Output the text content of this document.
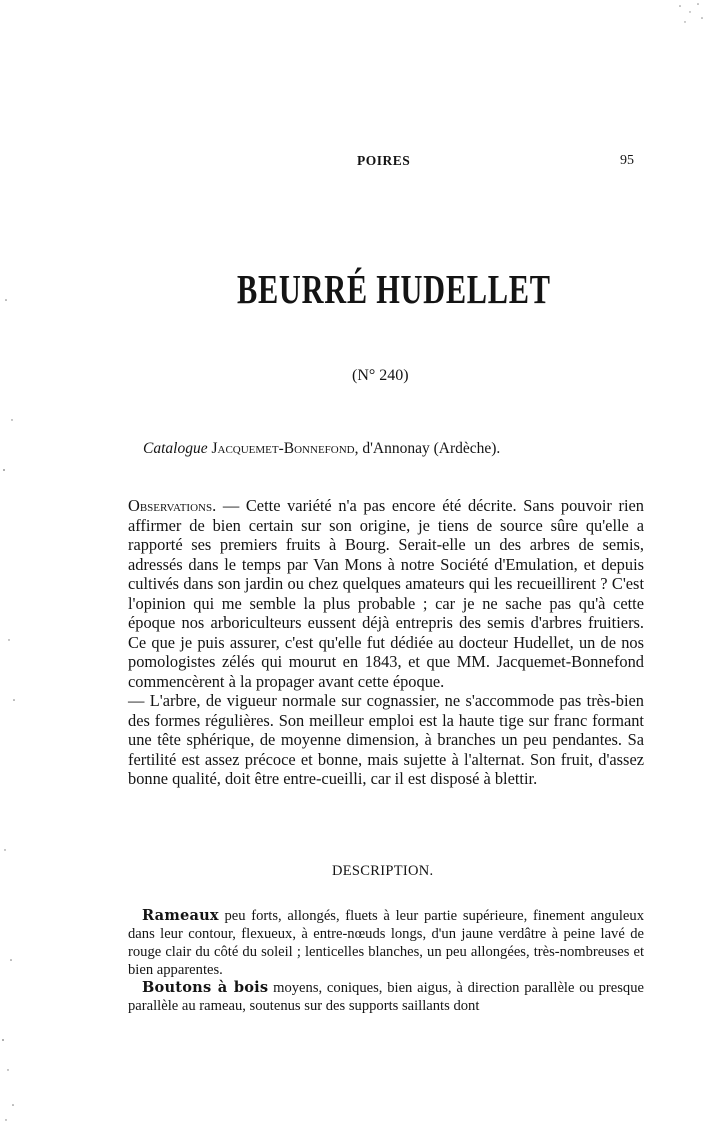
POIRES	95
BEURRÉ HUDELLET
(N° 240)
Catalogue Jacquemet-Bonnefond, d'Annonay (Ardèche).

Observations. — Cette variété n'a pas encore été décrite. Sans pouvoir rien affirmer de bien certain sur son origine, je tiens de source sûre qu'elle a rapporté ses premiers fruits à Bourg. Serait-elle un des arbres de semis, adressés dans le temps par Van Mons à notre Société d'Emulation, et depuis cultivés dans son jardin ou chez quelques amateurs qui les recueillirent ? C'est l'opinion qui me semble la plus probable ; car je ne sache pas qu'à cette époque nos arboriculteurs eussent déjà entrepris des semis d'arbres fruitiers. Ce que je puis assurer, c'est qu'elle fut dédiée au docteur Hudellet, un de nos pomologistes zélés qui mourut en 1843, et que MM. Jacquemet-Bonnefond commencèrent à la propager avant cette époque.

— L'arbre, de vigueur normale sur cognassier, ne s'accommode pas très-bien des formes régulières. Son meilleur emploi est la haute tige sur franc formant une tête sphérique, de moyenne dimension, à branches un peu pendantes. Sa fertilité est assez précoce et bonne, mais sujette à l'alternat. Son fruit, d'assez bonne qualité, doit être entre-cueilli, car il est disposé à blettir.

DESCRIPTION.

Rameaux peu forts, allongés, fluets à leur partie supérieure, finement anguleux dans leur contour, flexueux, à entre-nœuds longs, d'un jaune verdâtre à peine lavé de rouge clair du côté du soleil ; lenticelles blanches, un peu allongées, très-nombreuses et bien apparentes.

Boutons à bois moyens, coniques, bien aigus, à direction parallèle ou presque parallèle au rameau, soutenus sur des supports saillants dont
